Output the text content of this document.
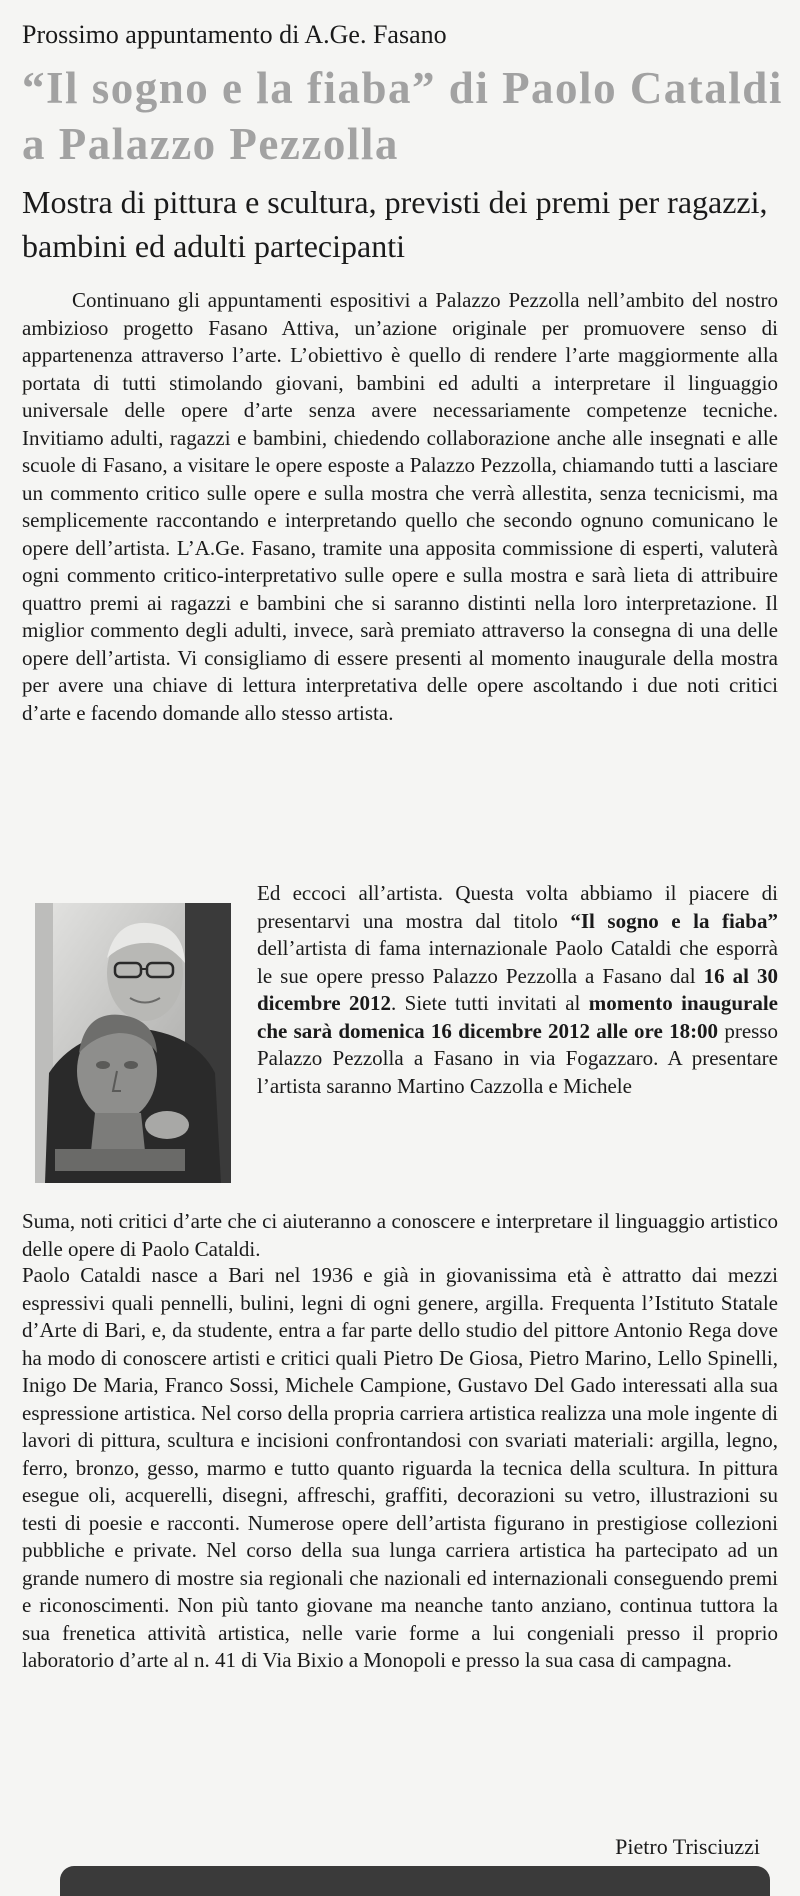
Prossimo appuntamento di A.Ge. Fasano
“Il sogno e la fiaba” di Paolo Cataldi a Palazzo Pezzolla
Mostra di pittura e scultura, previsti dei premi per ragazzi, bambini ed adulti partecipanti

Continuano gli appuntamenti espositivi a Palazzo Pezzolla nell’ambito del nostro ambizioso progetto Fasano Attiva, un’azione originale per promuovere senso di appartenenza attraverso l’arte. L’obiettivo è quello di rendere l’arte maggiormente alla portata di tutti stimolando giovani, bambini ed adulti a interpretare il linguaggio universale delle opere d’arte senza avere necessariamente competenze tecniche. Invitiamo adulti, ragazzi e bambini, chiedendo collaborazione anche alle insegnati e alle scuole di Fasano, a visitare le opere esposte a Palazzo Pezzolla, chiamando tutti a lasciare un commento critico sulle opere e sulla mostra che verrà allestita, senza tecnicismi, ma semplicemente raccontando e interpretando quello che secondo ognuno comunicano le opere dell’artista. L’A.Ge. Fasano, tramite una apposita commissione di esperti, valuterà ogni commento critico-interpretativo sulle opere e sulla mostra e sarà lieta di attribuire quattro premi ai ragazzi e bambini che si saranno distinti nella loro interpretazione. Il miglior commento degli adulti, invece, sarà premiato attraverso la consegna di una delle opere dell’artista. Vi consigliamo di essere presenti al momento inaugurale della mostra per avere una chiave di lettura interpretativa delle opere ascoltando i due noti critici d’arte e facendo domande allo stesso artista.

Ed eccoci all’artista. Questa volta abbiamo il piacere di presentarvi una mostra dal titolo “Il sogno e la fiaba” dell’artista di fama internazionale Paolo Cataldi che esporrà le sue opere presso Palazzo Pezzolla a Fasano dal 16 al 30 dicembre 2012. Siete tutti invitati al momento inaugurale che sarà domenica 16 dicembre 2012 alle ore 18:00 presso Palazzo Pezzolla a Fasano in via Fogazzaro. A presentare l’artista saranno Martino Cazzolla e Michele

Suma, noti critici d’arte che ci aiuteranno a conoscere e interpretare il linguaggio artistico delle opere di Paolo Cataldi.

Paolo Cataldi nasce a Bari nel 1936 e già in giovanissima età è attratto dai mezzi espressivi quali pennelli, bulini, legni di ogni genere, argilla. Frequenta l’Istituto Statale d’Arte di Bari, e, da studente, entra a far parte dello studio del pittore Antonio Rega dove ha modo di conoscere artisti e critici quali Pietro De Giosa, Pietro Marino, Lello Spinelli, Inigo De Maria, Franco Sossi, Michele Campione, Gustavo Del Gado interessati alla sua espressione artistica. Nel corso della propria carriera artistica realizza una mole ingente di lavori di pittura, scultura e incisioni confrontandosi con svariati materiali: argilla, legno, ferro, bronzo, gesso, marmo e tutto quanto riguarda la tecnica della scultura. In pittura esegue oli, acquerelli, disegni, affreschi, graffiti, decorazioni su vetro, illustrazioni su testi di poesie e racconti. Numerose opere dell’artista figurano in prestigiose collezioni pubbliche e private. Nel corso della sua lunga carriera artistica ha partecipato ad un grande numero di mostre sia regionali che nazionali ed internazionali conseguendo premi e riconoscimenti. Non più tanto giovane ma neanche tanto anziano, continua tuttora la sua frenetica attività artistica, nelle varie forme a lui congeniali presso il proprio laboratorio d’arte al n. 41 di Via Bixio a Monopoli e presso la sua casa di campagna.

Pietro Trisciuzzi
